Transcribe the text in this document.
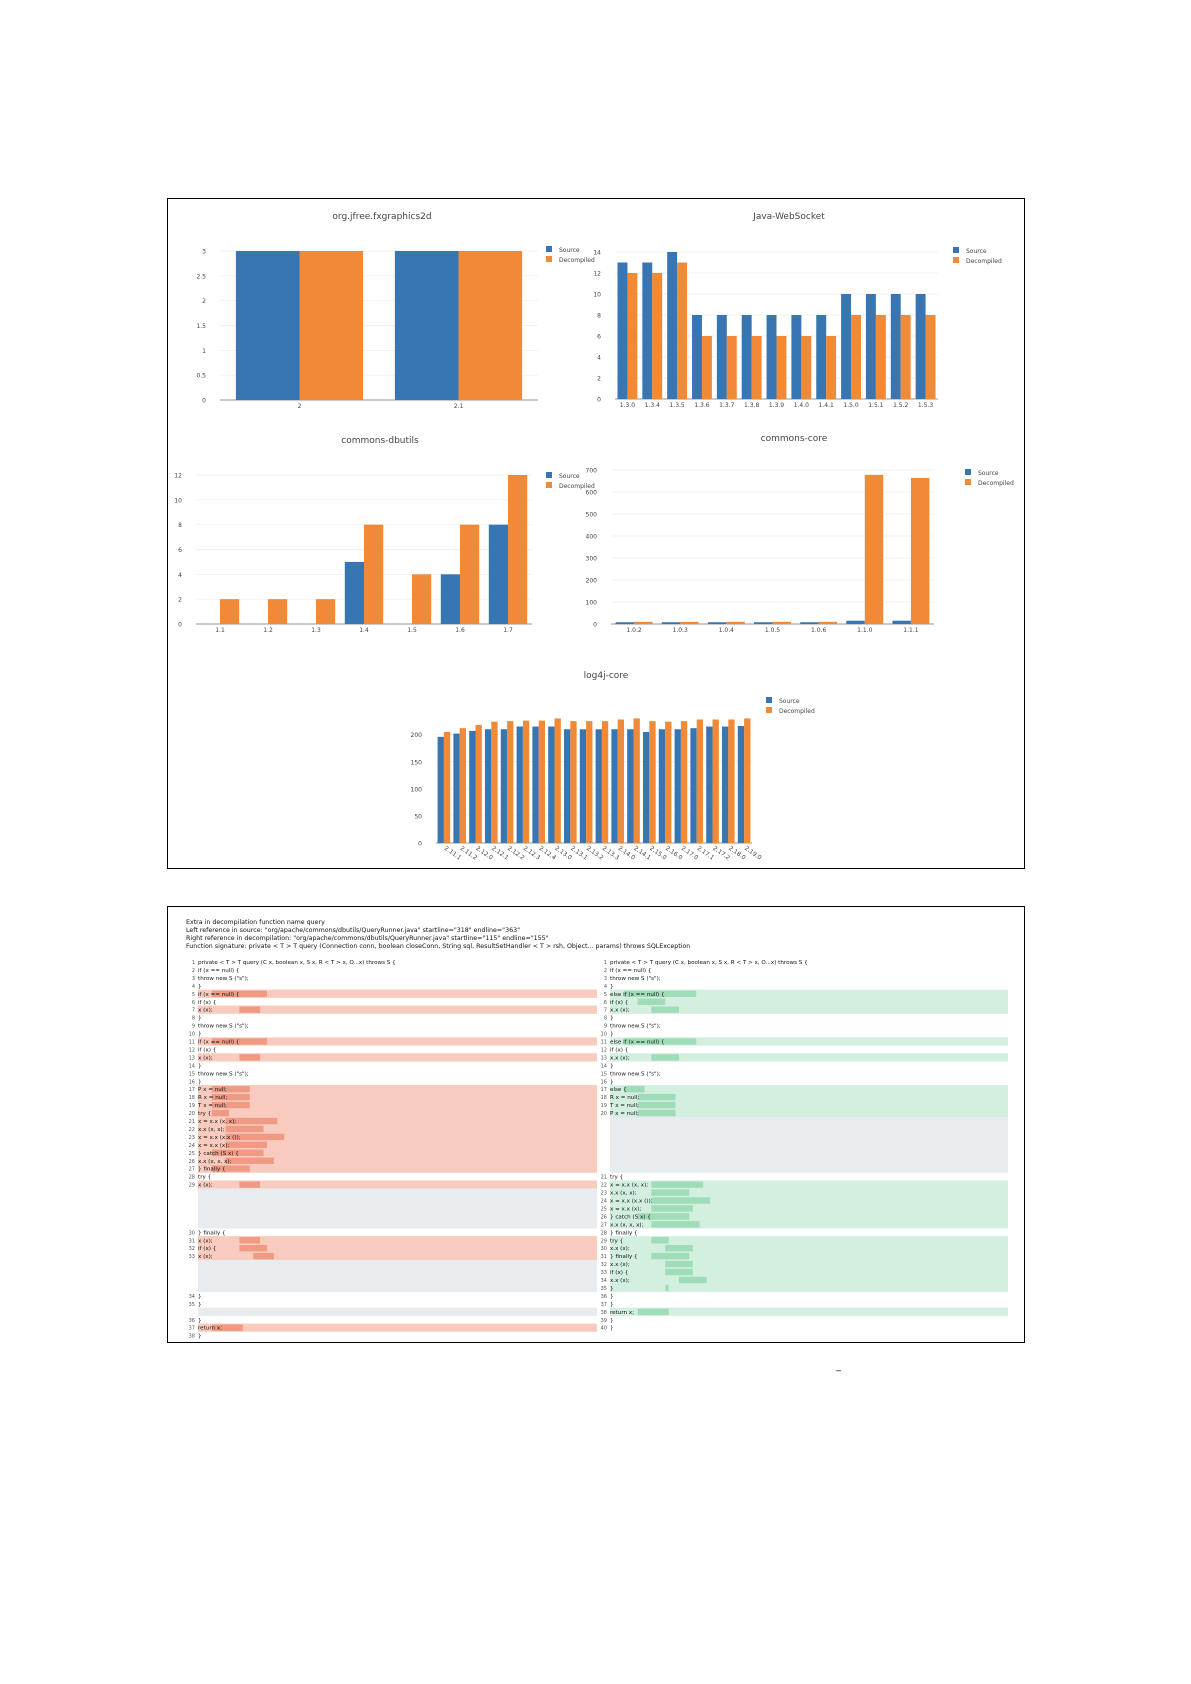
org.jfree.fxgraphics2d
0
0.5
1
1.5
2
2.5
3
2	2.1
Source
Decompiled
Java-WebSocket
0
2
4
6
8
10
12
14
1.3.0 1.3.4 1.3.5 1.3.6 1.3.7 1.3.8 1.3.9 1.4.0 1.4.1 1.5.0 1.5.1 1.5.2 1.5.3
Source
Decompiled
commons-dbutils
0
2
4
6
8
10
12
1.1	1.2	1.3	1.4	1.5	1.6	1.7
Source
Decompiled
commons-core
0
100
200
300
400
500
600
700
1.0.2	1.0.3	1.0.4	1.0.5	1.0.6	1.1.0	1.1.1
Source
Decompiled
log4j-core
0
50
100
150
200
2.11.1
2.11.2
2.12.0
2.12.1
2.12.2
2.12.3
2.12.4
2.13.0
2.13.1
2.13.2
2.13.3
2.14.0
2.14.1
2.15.0
2.16.0
2.17.0
2.17.1
2.17.2
2.18.0
2.19.0
Source
Decompiled
Extra in decompilation function name query
Left reference in source: "org/apache/commons/dbutils/QueryRunner.java" startline="318" endline="363"
Right reference in decompilation: "org/apache/commons/dbutils/QueryRunner.java" startline="115" endline="155"
Function signature: private < T > T query (Connection conn, boolean closeConn, String sql, ResultSetHandler < T > rsh, Object... params) throws SQLException
1 private < T > T query (C x, boolean x, S x, R < T > x, O...x) throws S {
2 if (x == null) {
3 throw new S ("s");
4 }
5 if (x == null) {
6 if (x) {
7 x (x);
8 }
9 throw new S ("s");
10 }
11 if (x == null) {
12 if (x) {
13 x (x);
14 }
15 throw new S ("s");
16 }
17 P x = null;
18 R x = null;
19 T x = null;
20 try {
21 x = x.x (x, x);
22 x.x (x, x);
23 x = x.x (x.x ());
24 x = x.x (x);
25 } catch (S x) {
26 x.x (x, x, x);
27 } finally {
28 try {
29 x (x);
30 } finally {
31 x (x);
32 if (x) {
33 x (x);
34 }
35 }
36 }
37 return x;
38 }
1 private < T > T query (C x, boolean x, S x, R < T > x, O...x) throws S {
2 if (x == null) {
3 throw new S ("s");
4 }
5 else if (x == null) {
6 if (x) {
7 x.x (x);
8 }
9 throw new S ("s");
10 }
11 else if (x == null) {
12 if (x) {
13 x.x (x);
14 }
15 throw new S ("s");
16 }
17 else {
18 R x = null;
19 T x = null;
20 P x = null;
21 try {
22 x = x.x (x, x);
23 x.x (x, x);
24 x = x.x (x.x ());
25 x = x.x (x);
26 } catch (S x) {
27 x.x (x, x, x);
28 } finally {
29 try {
30 x.x (x);
31 } finally {
32 x.x (x);
33 if (x) {
34 x.x (x);
35 }
36 }
37 }
38 return x;
39 }
40 }
_
